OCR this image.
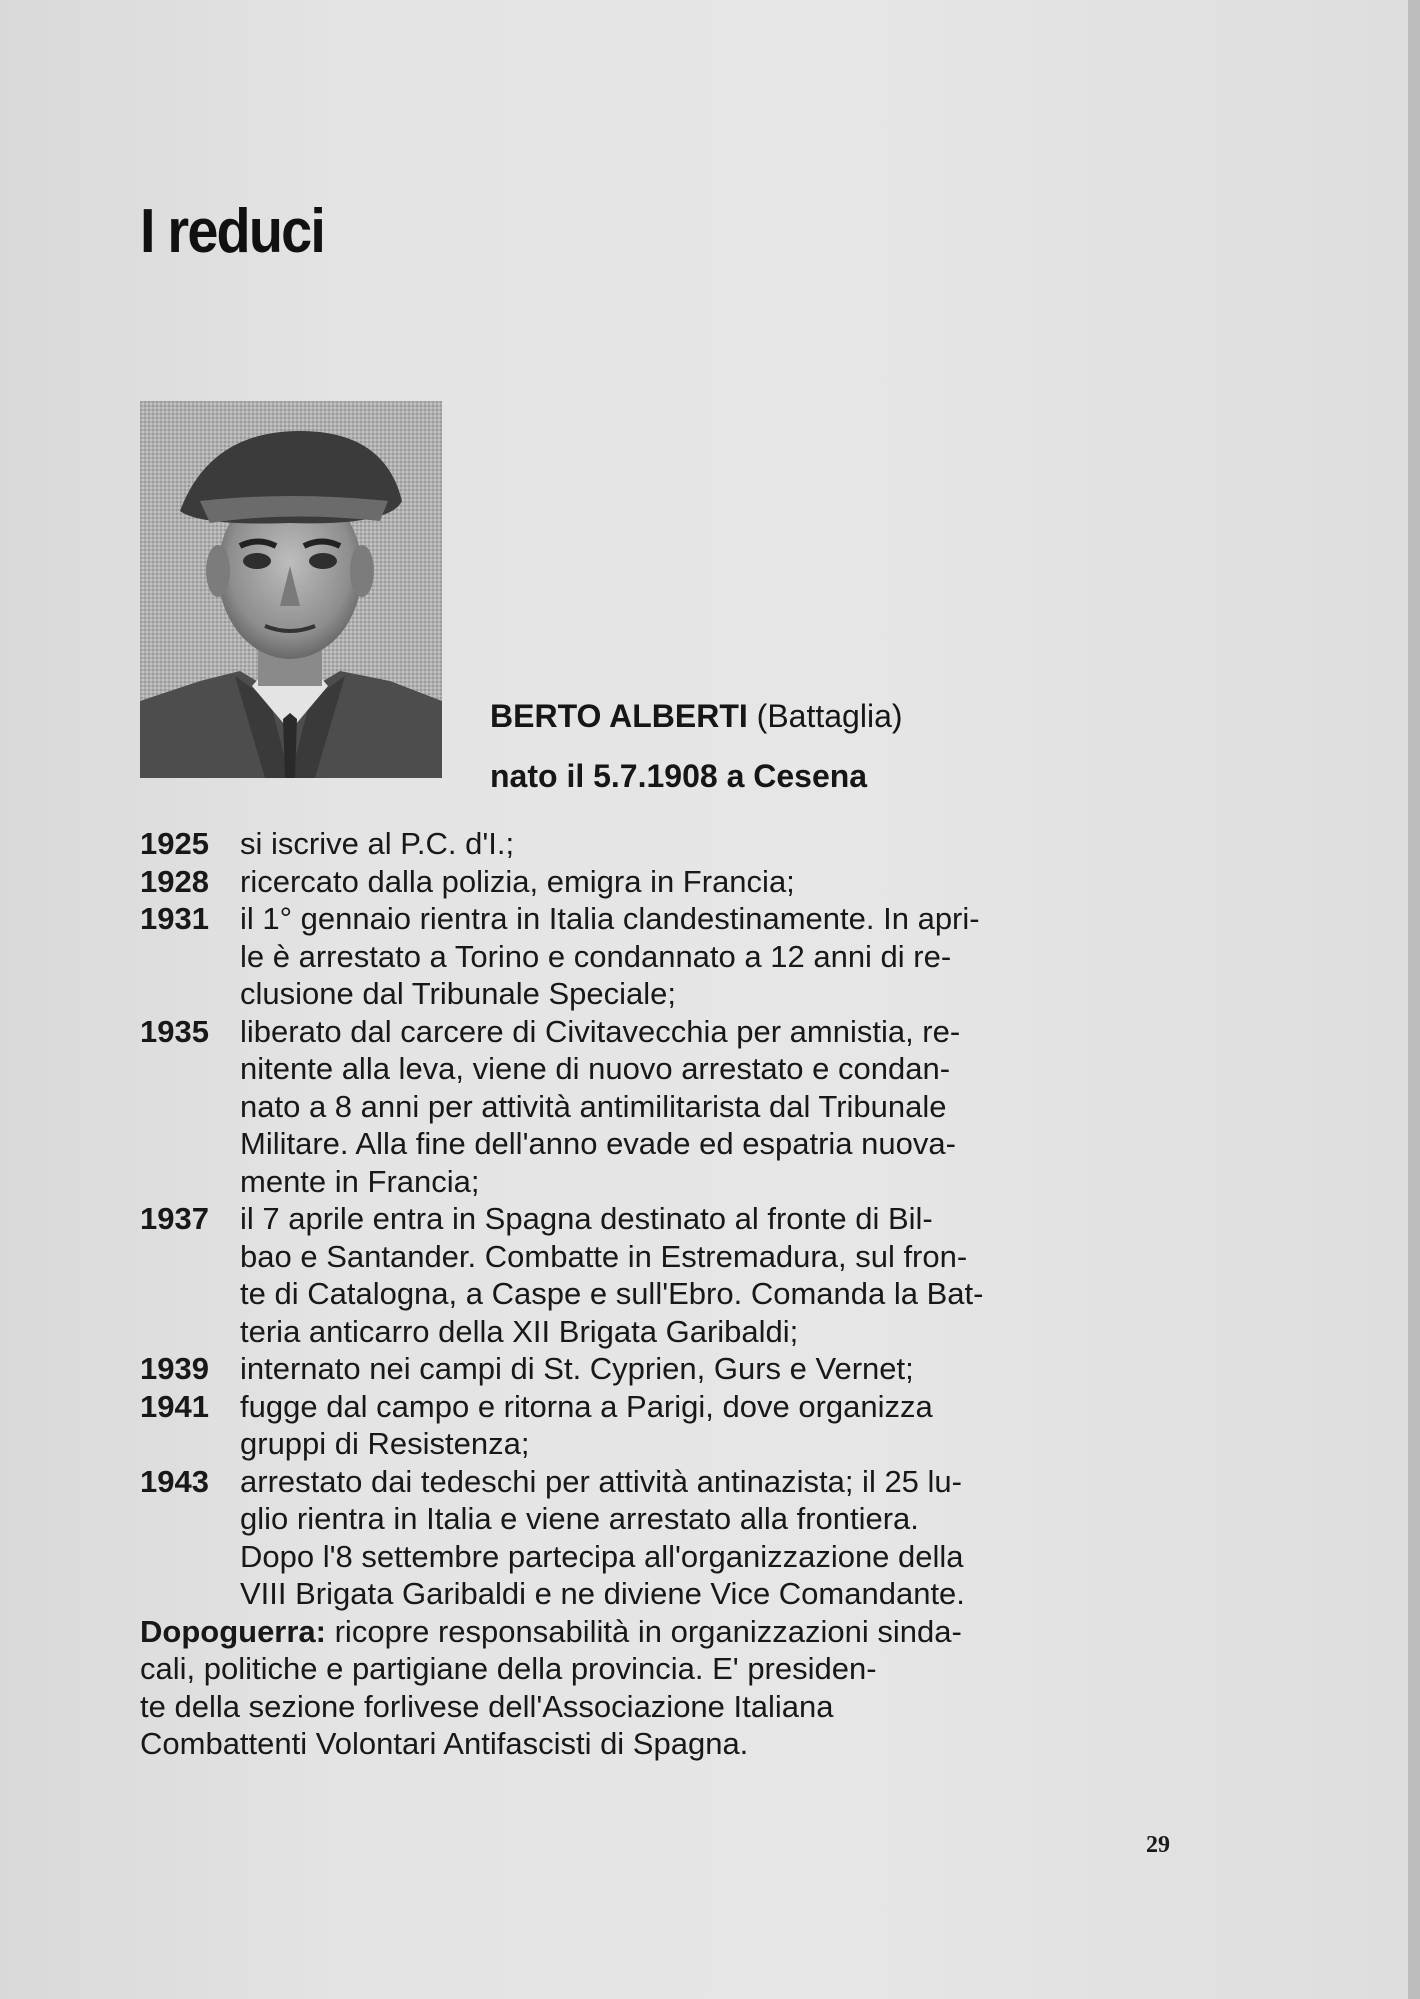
I reduci
BERTO ALBERTI (Battaglia)
nato il 5.7.1908 a Cesena
1925	si iscrive al P.C. d'I.;
1928	ricercato dalla polizia, emigra in Francia;
1931	il 1° gennaio rientra in Italia clandestinamente. In apri-
le è arrestato a Torino e condannato a 12 anni di re-
clusione dal Tribunale Speciale;
1935	liberato dal carcere di Civitavecchia per amnistia, re-
nitente alla leva, viene di nuovo arrestato e condan-
nato a 8 anni per attività antimilitarista dal Tribunale
Militare. Alla fine dell'anno evade ed espatria nuova-
mente in Francia;
1937	il 7 aprile entra in Spagna destinato al fronte di Bil-
bao e Santander. Combatte in Estremadura, sul fron-
te di Catalogna, a Caspe e sull'Ebro. Comanda la Bat-
teria anticarro della XII Brigata Garibaldi;
1939	internato nei campi di St. Cyprien, Gurs e Vernet;
1941	fugge dal campo e ritorna a Parigi, dove organizza
gruppi di Resistenza;
1943	arrestato dai tedeschi per attività antinazista; il 25 lu-
glio rientra in Italia e viene arrestato alla frontiera.
Dopo l'8 settembre partecipa all'organizzazione della
VIII Brigata Garibaldi e ne diviene Vice Comandante.
Dopoguerra: ricopre responsabilità in organizzazioni sinda-
cali, politiche e partigiane della provincia. E' presiden-
te della sezione forlivese dell'Associazione Italiana
Combattenti Volontari Antifascisti di Spagna.
29
